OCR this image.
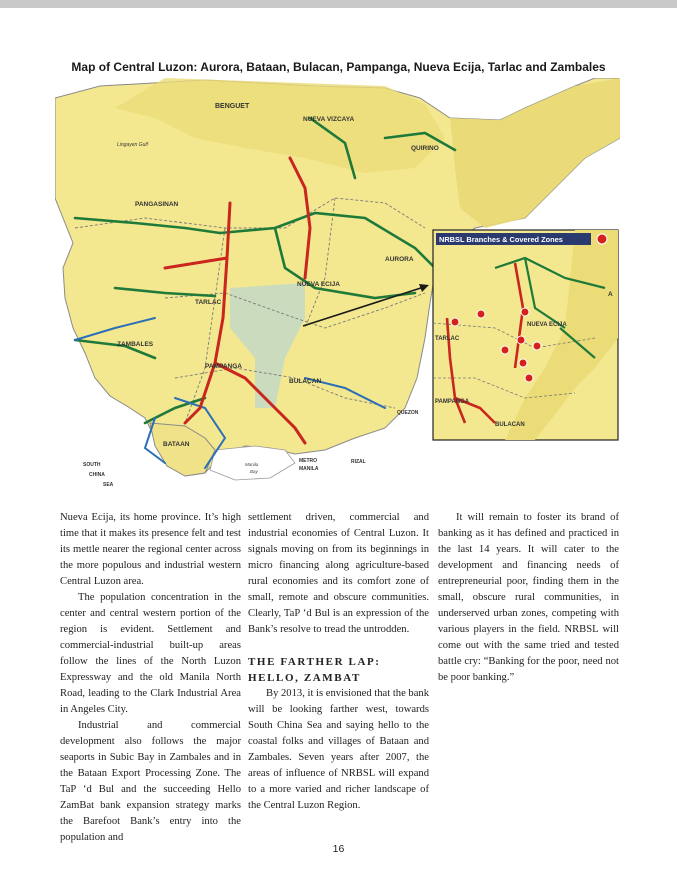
Map of Central Luzon: Aurora, Bataan, Bulacan, Pampanga, Nueva Ecija, Tarlac and Zambales
BENGUET
NUEVA VIZCAYA
QUIRINO
Lingayen Gulf
PANGASINAN
NUEVA ECIJA
AURORA
TARLAC
ZAMBALES
PAMPANGA
BULACAN
BATAAN
SOUTH
CHINA
SEA
Manila
Bay
METRO
MANILA
RIZAL
QUEZON
NRBSL Branches & Covered Zones
A
NUEVA ECIJA
TARLAC
PAMPANGA
BULACAN

Nueva Ecija, its home province. It’s high time that it makes its presence felt and test its mettle nearer the regional center across the more populous and industrial western Central Luzon area.

The population concentration in the center and central western portion of the region is evident. Settlement and commercial-industrial built-up areas follow the lines of the North Luzon Expressway and the old Manila North Road, leading to the Clark Industrial Area in Angeles City.

Industrial and commercial development also follows the major seaports in Subic Bay in Zambales and in the Bataan Export Processing Zone. The TaP ‘d Bul and the succeeding Hello ZamBat bank expansion strategy marks the Barefoot Bank’s entry into the population and

settlement driven, commercial and industrial economies of Central Luzon. It signals moving on from its beginnings in micro financing along agriculture-based rural economies and its comfort zone of small, remote and obscure communities. Clearly, TaP ‘d Bul is an expression of the Bank’s resolve to tread the untrodden.

THE FARTHER LAP: HELLO, ZAMBAT

By 2013, it is envisioned that the bank will be looking farther west, towards South China Sea and saying hello to the coastal folks and villages of Bataan and Zambales. Seven years after 2007, the areas of influence of NRBSL will expand to a more varied and richer landscape of the Central Luzon Region.

It will remain to foster its brand of banking as it has defined and practiced in the last 14 years. It will cater to the development and financing needs of entrepreneurial poor, finding them in the small, obscure rural communities, in underserved urban zones, competing with various players in the field. NRBSL will come out with the same tried and tested battle cry: “Banking for the poor, need not be poor banking.”

16
